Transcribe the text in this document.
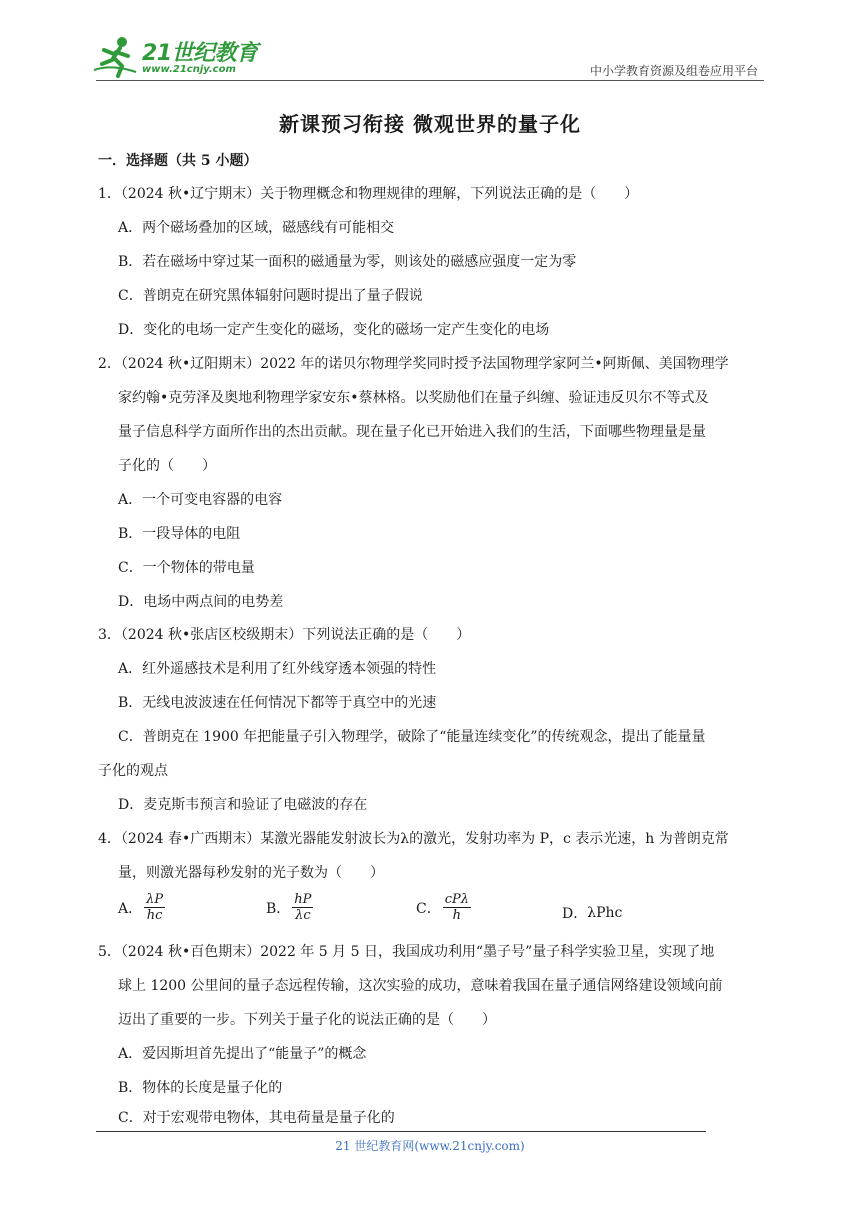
21世纪教育
www.21cnjy.com	中小学教育资源及组卷应用平台
新课预习衔接 微观世界的量子化
一．选择题（共 5 小题）
1．（2024 秋•辽宁期末）关于物理概念和物理规律的理解，下列说法正确的是（　　）
A．两个磁场叠加的区域，磁感线有可能相交
B．若在磁场中穿过某一面积的磁通量为零，则该处的磁感应强度一定为零
C．普朗克在研究黑体辐射问题时提出了量子假说
D．变化的电场一定产生变化的磁场，变化的磁场一定产生变化的电场
2．（2024 秋•辽阳期末）2022 年的诺贝尔物理学奖同时授予法国物理学家阿兰•阿斯佩、美国物理学
家约翰•克劳泽及奥地利物理学家安东•蔡林格。以奖励他们在量子纠缠、验证违反贝尔不等式及
量子信息科学方面所作出的杰出贡献。现在量子化已开始进入我们的生活，下面哪些物理量是量
子化的（　　）
A．一个可变电容器的电容
B．一段导体的电阻
C．一个物体的带电量
D．电场中两点间的电势差
3．（2024 秋•张店区校级期末）下列说法正确的是（　　）
A．红外遥感技术是利用了红外线穿透本领强的特性
B．无线电波波速在任何情况下都等于真空中的光速
C．普朗克在 1900 年把能量子引入物理学，破除了“能量连续变化”的传统观念，提出了能量量
子化的观点
D．麦克斯韦预言和验证了电磁波的存在
4．（2024 春•广西期末）某激光器能发射波长为λ的激光，发射功率为 P，c 表示光速，h 为普朗克常
量，则激光器每秒发射的光子数为（　　）
A． $\frac{\lambda P}{hc}$	B． $\frac{hP}{\lambda c}$	C． $\frac{\text{cPλ}}{h}$	D． λPhc
5．（2024 秋•百色期末）2022 年 5 月 5 日，我国成功利用“墨子号”量子科学实验卫星，实现了地
球上 1200 公里间的量子态远程传输，这次实验的成功，意味着我国在量子通信网络建设领域向前
迈出了重要的一步。下列关于量子化的说法正确的是（　　）
A．爱因斯坦首先提出了“能量子”的概念
B．物体的长度是量子化的
C．对于宏观带电物体，其电荷量是量子化的
21 世纪教育网(www.21cnjy.com)
